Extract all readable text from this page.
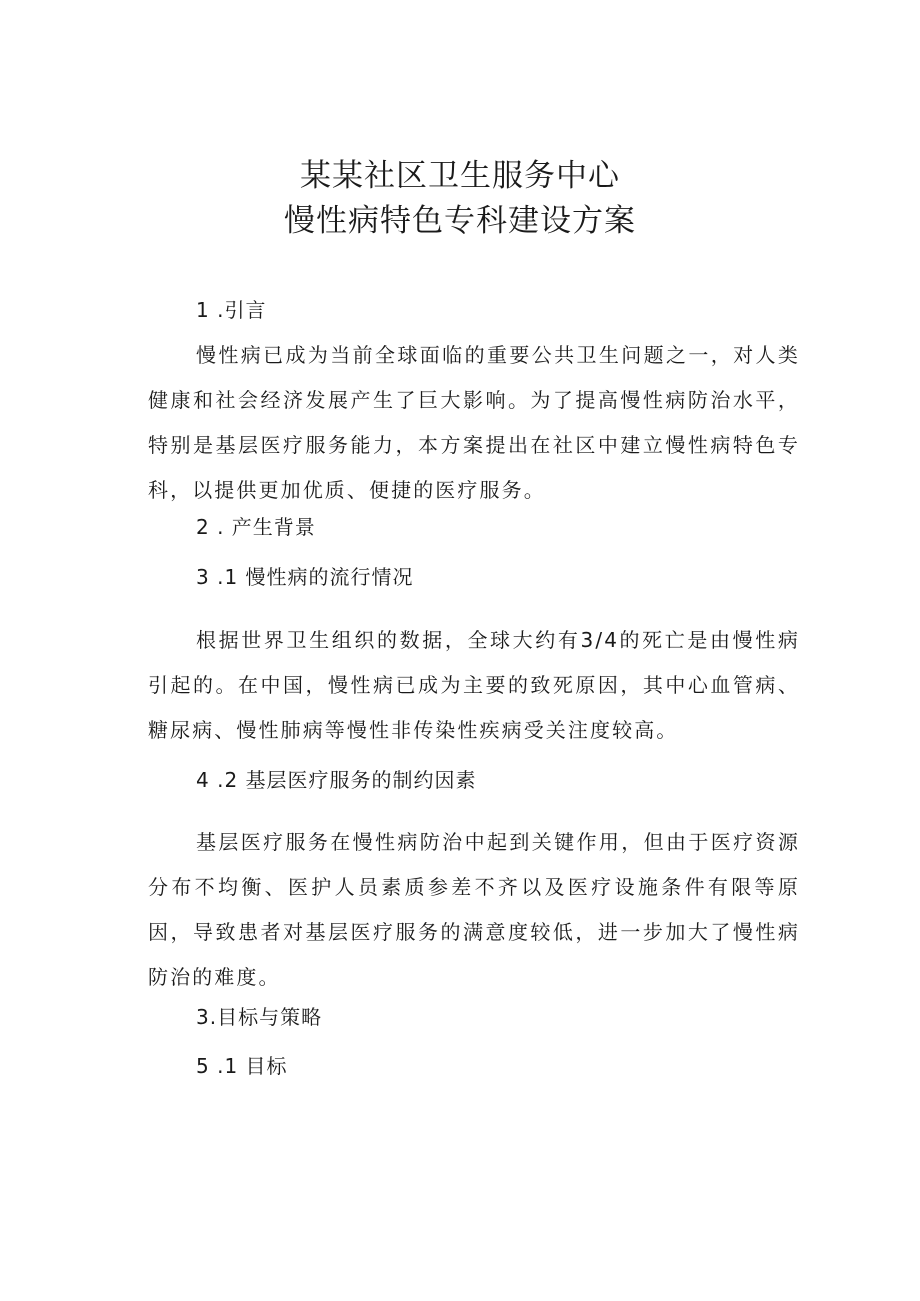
某某社区卫生服务中心
慢性病特色专科建设方案

1 .引言

慢性病已成为当前全球面临的重要公共卫生问题之一，对人类健康和社会经济发展产生了巨大影响。为了提高慢性病防治水平，特别是基层医疗服务能力，本方案提出在社区中建立慢性病特色专科，以提供更加优质、便捷的医疗服务。

2 . 产生背景

3 .1 慢性病的流行情况

根据世界卫生组织的数据，全球大约有3/4的死亡是由慢性病引起的。在中国，慢性病已成为主要的致死原因，其中心血管病、糖尿病、慢性肺病等慢性非传染性疾病受关注度较高。

4 .2 基层医疗服务的制约因素

基层医疗服务在慢性病防治中起到关键作用，但由于医疗资源分布不均衡、医护人员素质参差不齐以及医疗设施条件有限等原因，导致患者对基层医疗服务的满意度较低，进一步加大了慢性病防治的难度。

3.目标与策略

5 .1 目标
